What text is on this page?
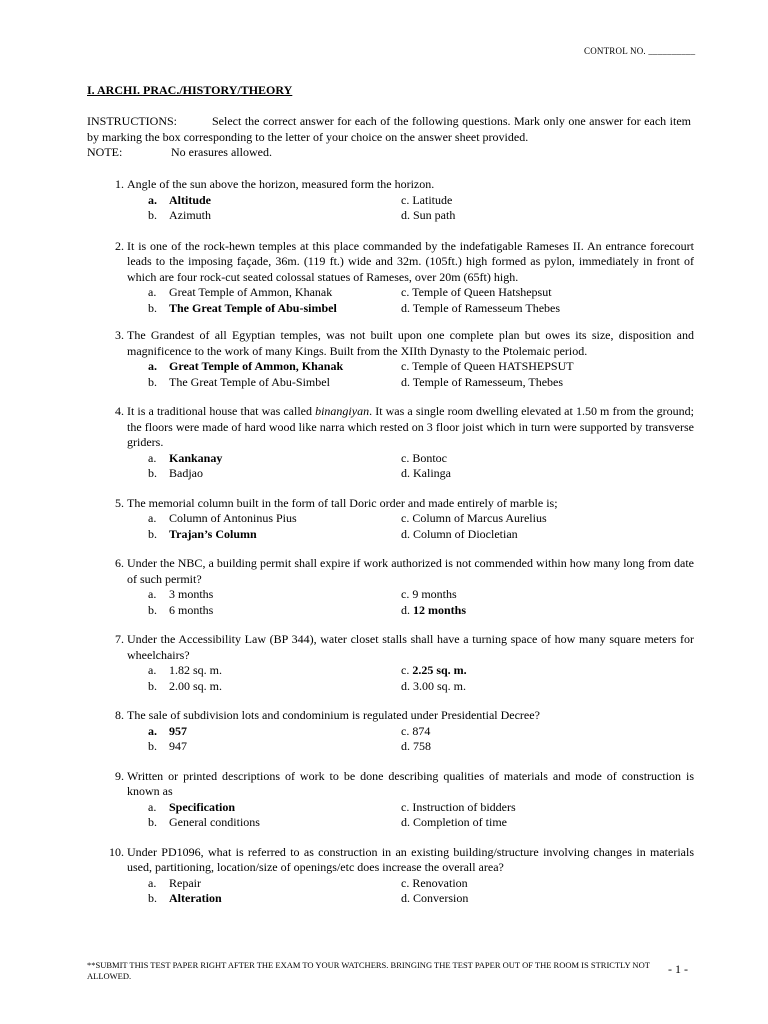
CONTROL NO. __________
I. ARCHI. PRAC./HISTORY/THEORY
INSTRUCTIONS:	Select the correct answer for each of the following questions. Mark only one answer for each item by marking the box corresponding to the letter of your choice on the answer sheet provided.
NOTE:	No erasures allowed.
1. Angle of the sun above the horizon, measured form the horizon.
a. Altitude	c. Latitude
b. Azimuth	d. Sun path
2. It is one of the rock-hewn temples at this place commanded by the indefatigable Rameses II. An entrance forecourt leads to the imposing façade, 36m. (119 ft.) wide and 32m. (105ft.) high formed as pylon, immediately in front of which are four rock-cut seated colossal statues of Rameses, over 20m (65ft) high.
a. Great Temple of Ammon, Khanak	c. Temple of Queen Hatshepsut
b. The Great Temple of Abu-simbel	d. Temple of Ramesseum Thebes
3. The Grandest of all Egyptian temples, was not built upon one complete plan but owes its size, disposition and magnificence to the work of many Kings. Built from the XIIth Dynasty to the Ptolemaic period.
a. Great Temple of Ammon, Khanak	c. Temple of Queen HATSHEPSUT
b. The Great Temple of Abu-Simbel	d. Temple of Ramesseum, Thebes
4. It is a traditional house that was called binangiyan. It was a single room dwelling elevated at 1.50 m from the ground; the floors were made of hard wood like narra which rested on 3 floor joist which in turn were supported by transverse griders.
a. Kankanay	c. Bontoc
b. Badjao	d. Kalinga
5. The memorial column built in the form of tall Doric order and made entirely of marble is;
a. Column of Antoninus Pius	c. Column of Marcus Aurelius
b. Trajan’s Column	d. Column of Diocletian
6. Under the NBC, a building permit shall expire if work authorized is not commended within how many long from date of such permit?
a. 3 months	c. 9 months
b. 6 months	d. 12 months
7. Under the Accessibility Law (BP 344), water closet stalls shall have a turning space of how many square meters for wheelchairs?
a. 1.82 sq. m.	c. 2.25 sq. m.
b. 2.00 sq. m.	d. 3.00 sq. m.
8. The sale of subdivision lots and condominium is regulated under Presidential Decree?
a. 957	c. 874
b. 947	d. 758
9. Written or printed descriptions of work to be done describing qualities of materials and mode of construction is known as
a. Specification	c. Instruction of bidders
b. General conditions	d. Completion of time
10. Under PD1096, what is referred to as construction in an existing building/structure involving changes in materials used, partitioning, location/size of openings/etc does increase the overall area?
a. Repair	c. Renovation
b. Alteration	d. Conversion
**SUBMIT THIS TEST PAPER RIGHT AFTER THE EXAM TO YOUR WATCHERS. BRINGING THE TEST PAPER OUT OF THE ROOM IS STRICTLY NOT ALLOWED.	- 1 -
